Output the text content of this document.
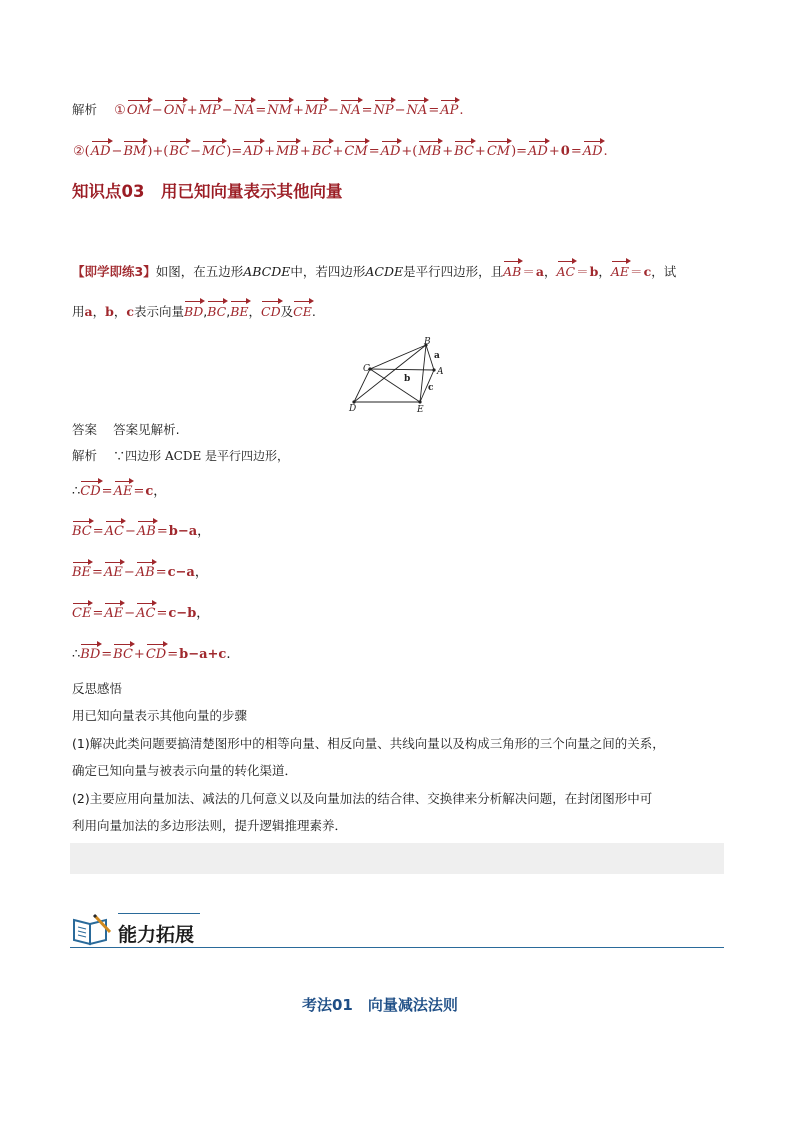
解析 ①OM−ON+MP−NA=NM+MP−NA=NP−NA=AP.
②(AD−BM)+(BC−MC)=AD+MB+BC+CM=AD+(MB+BC+CM)=AD+0=AD.
知识点03　用已知向量表示其他向量
【即学即练3】如图，在五边形ABCDE中，若四边形ACDE是平行四边形，且AB＝a，AC＝b，AE＝c，试
用a，b，c表示向量BD,BC,BE，CD及CE.
B
C	A
D	E
a
b
c
答案 答案见解析.
解析 ∵四边形 ACDE 是平行四边形，
∴CD=AE=c，
BC=AC−AB=b−a，
BE=AE−AB=c−a，
CE=AE−AC=c−b，
∴BD=BC+CD=b−a+c.
反思感悟
用已知向量表示其他向量的步骤
(1)解决此类问题要搞清楚图形中的相等向量、相反向量、共线向量以及构成三角形的三个向量之间的关系，
确定已知向量与被表示向量的转化渠道．
(2)主要应用向量加法、减法的几何意义以及向量加法的结合律、交换律来分析解决问题，在封闭图形中可
利用向量加法的多边形法则，提升逻辑推理素养．
能力拓展
考法01　向量减法法则
